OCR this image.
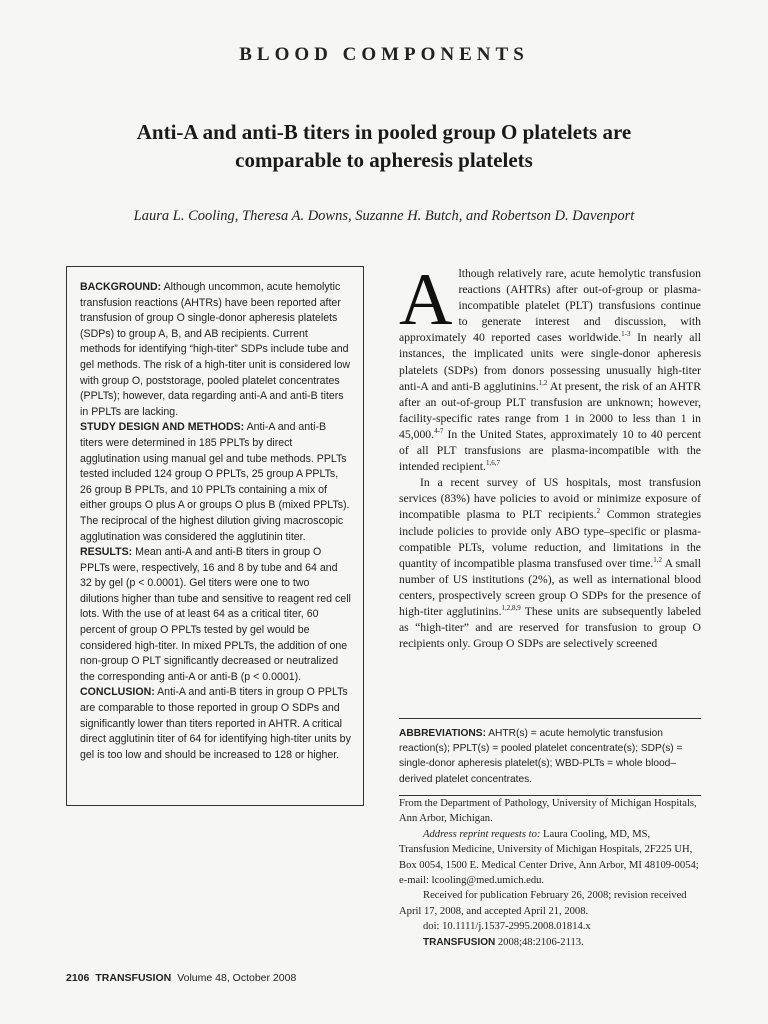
BLOOD COMPONENTS
Anti-A and anti-B titers in pooled group O platelets are
comparable to apheresis platelets
Laura L. Cooling, Theresa A. Downs, Suzanne H. Butch, and Robertson D. Davenport

BACKGROUND: Although uncommon, acute hemolytic transfusion reactions (AHTRs) have been reported after transfusion of group O single-donor apheresis platelets (SDPs) to group A, B, and AB recipients. Current methods for identifying “high-titer” SDPs include tube and gel methods. The risk of a high-titer unit is considered low with group O, poststorage, pooled platelet concentrates (PPLTs); however, data regarding anti-A and anti-B titers in PPLTs are lacking.

STUDY DESIGN AND METHODS: Anti-A and anti-B titers were determined in 185 PPLTs by direct agglutination using manual gel and tube methods. PPLTs tested included 124 group O PPLTs, 25 group A PPLTs, 26 group B PPLTs, and 10 PPLTs containing a mix of either groups O plus A or groups O plus B (mixed PPLTs). The reciprocal of the highest dilution giving macroscopic agglutination was considered the agglutinin titer.

RESULTS: Mean anti-A and anti-B titers in group O PPLTs were, respectively, 16 and 8 by tube and 64 and 32 by gel (p < 0.0001). Gel titers were one to two dilutions higher than tube and sensitive to reagent red cell lots. With the use of at least 64 as a critical titer, 60 percent of group O PPLTs tested by gel would be considered high-titer. In mixed PPLTs, the addition of one non-group O PLT significantly decreased or neutralized the corresponding anti-A or anti-B (p < 0.0001).

CONCLUSION: Anti-A and anti-B titers in group O PPLTs are comparable to those reported in group O SDPs and significantly lower than titers reported in AHTR. A critical direct agglutinin titer of 64 for identifying high-titer units by gel is too low and should be increased to 128 or higher.

Although relatively rare, acute hemolytic transfusion reactions (AHTRs) after out-of-group or plasma-incompatible platelet (PLT) transfusions continue to generate interest and discussion, with approximately 40 reported cases worldwide.$^{1-3}$ In nearly all instances, the implicated units were single-donor apheresis platelets (SDPs) from donors possessing unusually high-titer anti-A and anti-B agglutinins.$^{1,2}$ At present, the risk of an AHTR after an out-of-group PLT transfusion are unknown; however, facility-specific rates range from 1 in 2000 to less than 1 in 45,000.$^{4-7}$ In the United States, approximately 10 to 40 percent of all PLT transfusions are plasma-incompatible with the intended recipient.$^{1,6,7}$

In a recent survey of US hospitals, most transfusion services (83%) have policies to avoid or minimize exposure of incompatible plasma to PLT recipients.$^2$ Common strategies include policies to provide only ABO type–specific or plasma-compatible PLTs, volume reduction, and limitations in the quantity of incompatible plasma transfused over time.$^{1,2}$ A small number of US institutions (2%), as well as international blood centers, prospectively screen group O SDPs for the presence of high-titer agglutinins.$^{1,2,8,9}$ These units are subsequently labeled as “high-titer” and are reserved for transfusion to group O recipients only. Group O SDPs are selectively screened

ABBREVIATIONS: AHTR(s) = acute hemolytic transfusion reaction(s); PPLT(s) = pooled platelet concentrate(s); SDP(s) = single-donor apheresis platelet(s); WBD-PLTs = whole blood–derived platelet concentrates.

From the Department of Pathology, University of Michigan Hospitals, Ann Arbor, Michigan.

Address reprint requests to: Laura Cooling, MD, MS, Transfusion Medicine, University of Michigan Hospitals, 2F225 UH, Box 0054, 1500 E. Medical Center Drive, Ann Arbor, MI 48109-0054; e-mail: lcooling@med.umich.edu.

Received for publication February 26, 2008; revision received April 17, 2008, and accepted April 21, 2008.

doi: 10.1111/j.1537-2995.2008.01814.x

TRANSFUSION 2008;48:2106-2113.

2106 TRANSFUSION Volume 48, October 2008
